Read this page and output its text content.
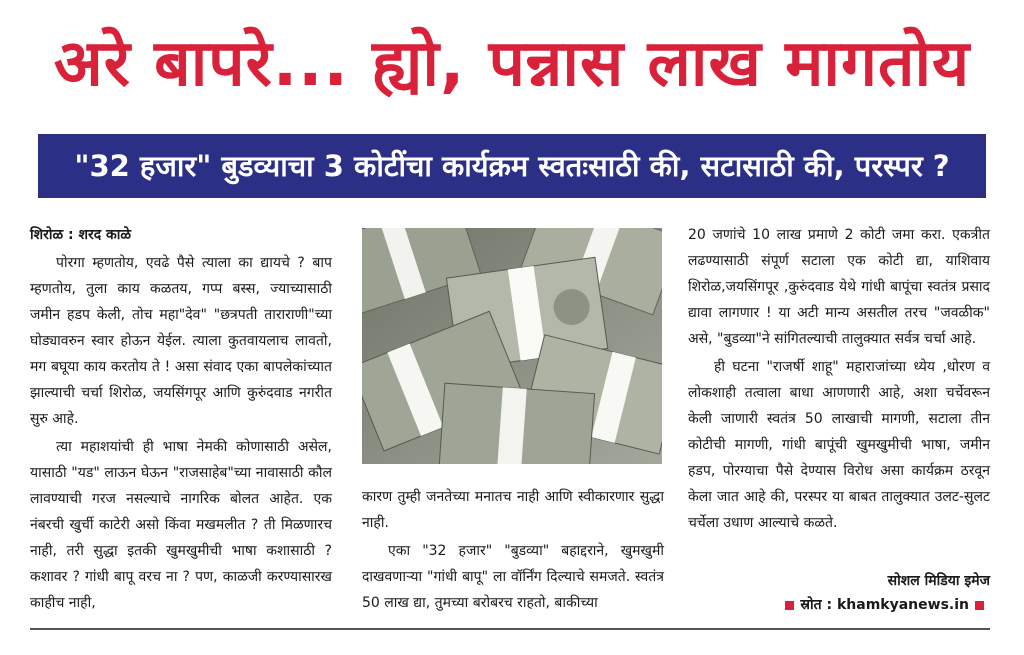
अरे बापरे... ह्यो, पन्नास लाख मागतोय
"32 हजार" बुडव्याचा 3 कोटींचा कार्यक्रम स्वतःसाठी की, सटासाठी की, परस्पर ?

शिरोळ : शरद काळे

पोरगा म्हणतोय, एवढे पैसे त्याला का द्यायचे ? बाप म्हणतोय, तुला काय कळतय, गप्प बस्स, ज्याच्यासाठी जमीन हडप केली, तोच महा"देव" "छत्रपती ताराराणी"च्या घोड्यावरुन स्वार होऊन येईल. त्याला कुतवायलाच लावतो, मग बघूया काय करतोय ते ! असा संवाद एका बापलेकांच्यात झाल्याची चर्चा शिरोळ, जयसिंगपूर आणि कुरुंदवाड नगरीत सुरु आहे.

त्या महाशयांची ही भाषा नेमकी कोणासाठी असेल, यासाठी "यड" लाऊन घेऊन "राजसाहेब"च्या नावासाठी कौल लावण्याची गरज नसल्याचे नागरिक बोलत आहेत. एक नंबरची खुर्ची काटेरी असो किंवा मखमलीत ? ती मिळणारच नाही, तरी सुद्धा इतकी खुमखुमीची भाषा कशासाठी ? कशावर ? गांधी बापू वरच ना ? पण, काळजी करण्यासारख काहीच नाही,

कारण तुम्ही जनतेच्या मनातच नाही आणि स्वीकारणार सुद्धा नाही.

एका "32 हजार" "बुडव्या" बहाद्दराने, खुमखुमी दाखवणाऱ्या "गांधी बापू" ला वॉर्निंग दिल्याचे समजते. स्वतंत्र 50 लाख द्या, तुमच्या बरोबरच राहतो, बाकीच्या

20 जणांचे 10 लाख प्रमाणे 2 कोटी जमा करा. एकत्रीत लढण्यासाठी संपूर्ण सटाला एक कोटी द्या, याशिवाय शिरोळ,जयसिंगपूर ,कुरुंदवाड येथे गांधी बापूंचा स्वतंत्र प्रसाद द्यावा लागणार ! या अटी मान्य असतील तरच "जवळीक" असे, "बुडव्या"ने सांगितल्याची तालुक्यात सर्वत्र चर्चा आहे.

ही घटना "राजर्षी शाहू" महाराजांच्या ध्येय ,धोरण व लोकशाही तत्वाला बाधा आणणारी आहे, अशा चर्चेवरून केली जाणारी स्वतंत्र 50 लाखाची मागणी, सटाला तीन कोटीची मागणी, गांधी बापूंची खुमखुमीची भाषा, जमीन हडप, पोरग्याचा पैसे देण्यास विरोध असा कार्यक्रम ठरवून केला जात आहे की, परस्पर या बाबत तालुक्यात उलट-सुलट चर्चेला उधाण आल्याचे कळते.

सोशल मिडिया इमेज
स्रोत : khamkyanews.in
